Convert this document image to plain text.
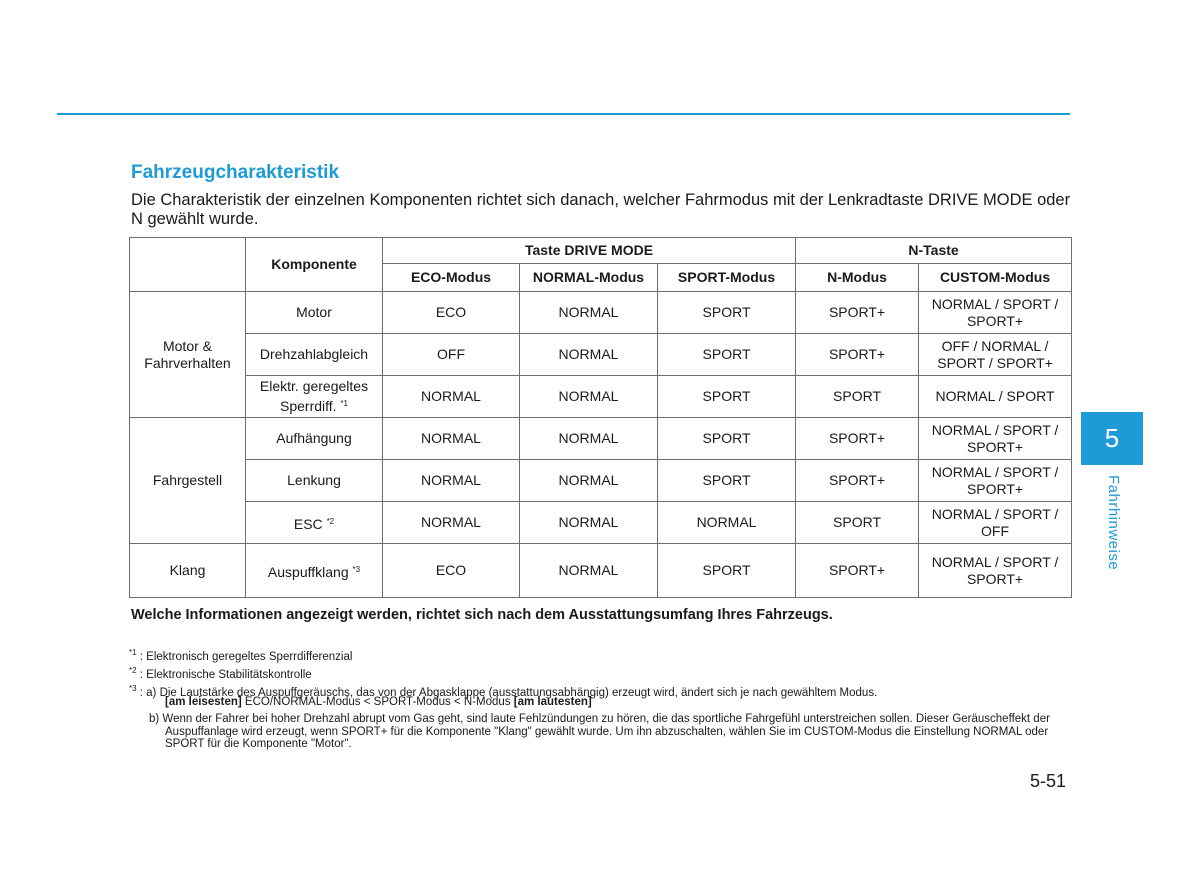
Fahrzeugcharakteristik

Die Charakteristik der einzelnen Komponenten richtet sich danach, welcher Fahrmodus mit der Lenkradtaste DRIVE MODE oder N gewählt wurde.

	Komponente	Taste DRIVE MODE			N-Taste	
		ECO-Modus	NORMAL-Modus	SPORT-Modus	N-Modus	CUSTOM-Modus
Motor & Fahrverhalten	Motor	ECO	NORMAL	SPORT	SPORT+	NORMAL / SPORT / SPORT+
	Drehzahlabgleich	OFF	NORMAL	SPORT	SPORT+	OFF / NORMAL / SPORT / SPORT+
	Elektr. geregeltes Sperrdiff. $^{*1}$	NORMAL	NORMAL	SPORT	SPORT	NORMAL / SPORT
Fahrgestell	Aufhängung	NORMAL	NORMAL	SPORT	SPORT+	NORMAL / SPORT / SPORT+
	Lenkung	NORMAL	NORMAL	SPORT	SPORT+	NORMAL / SPORT / SPORT+
	ESC $^{*2}$	NORMAL	NORMAL	NORMAL	SPORT	NORMAL / SPORT / OFF
Klang	Auspuffklang $^{*3}$	ECO	NORMAL	SPORT	SPORT+	NORMAL / SPORT / SPORT+

Welche Informationen angezeigt werden, richtet sich nach dem Ausstattungsumfang Ihres Fahrzeugs.

$^{*1}$ : Elektronisch geregeltes Sperrdifferenzial

$^{*2}$ : Elektronische Stabilitätskontrolle

$^{*3}$ : a) Die Lautstärke des Auspuffgeräuschs, das von der Abgasklappe (ausstattungsabhängig) erzeugt wird, ändert sich je nach gewähltem Modus.

[am leisesten] ECO/NORMAL-Modus < SPORT-Modus < N-Modus [am lautesten]

b) Wenn der Fahrer bei hoher Drehzahl abrupt vom Gas geht, sind laute Fehlzündungen zu hören, die das sportliche Fahrgefühl unterstreichen sollen. Dieser Geräuscheffekt der Auspuffanlage wird erzeugt, wenn SPORT+ für die Komponente "Klang" gewählt wurde. Um ihn abzuschalten, wählen Sie im CUSTOM-Modus die Einstellung NORMAL oder SPORT für die Komponente "Motor".

5-51
5
Fahrhinweise
